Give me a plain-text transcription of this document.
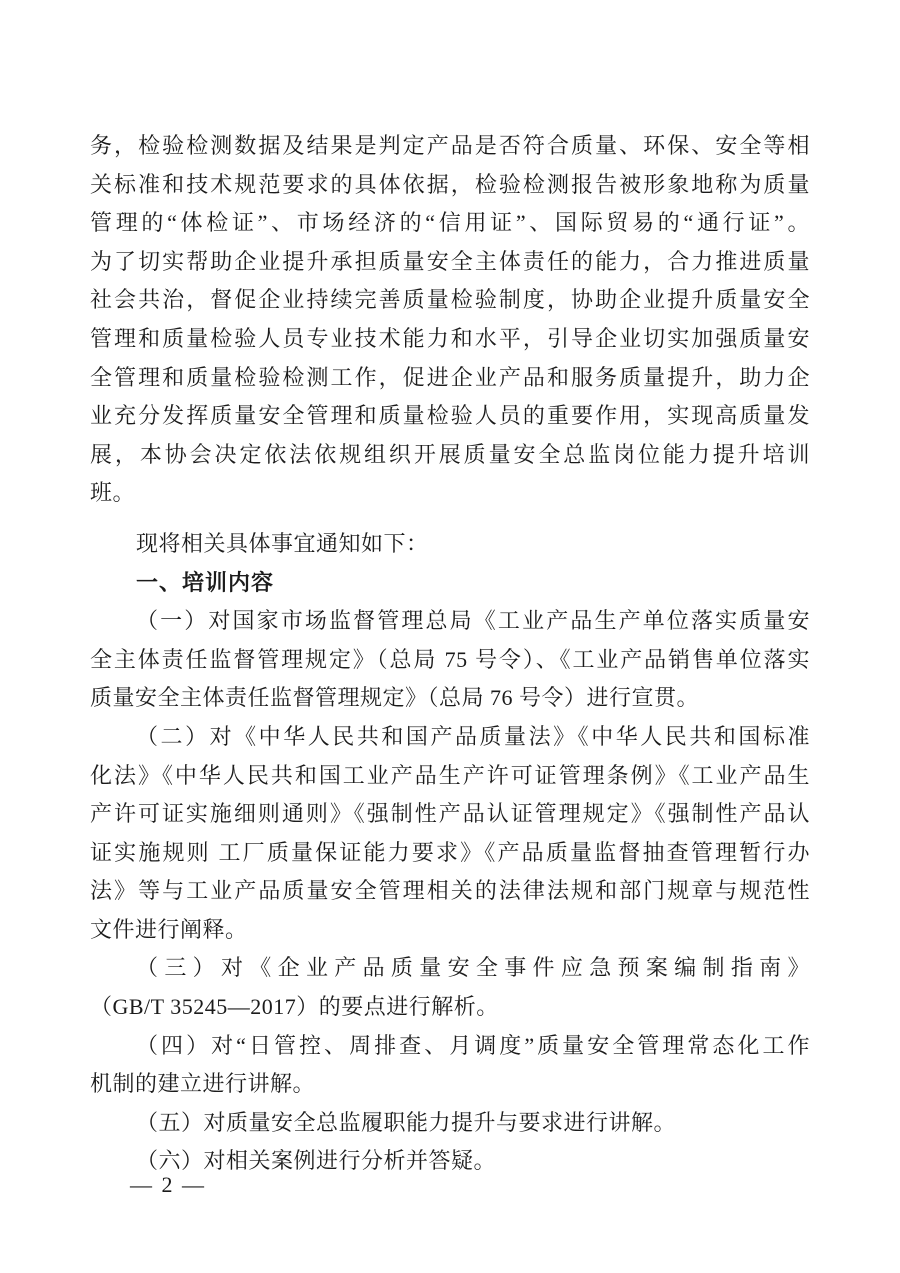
务，检验检测数据及结果是判定产品是否符合质量、环保、安全等相
关标准和技术规范要求的具体依据，检验检测报告被形象地称为质量
管理的“体检证”、市场经济的“信用证”、国际贸易的“通行证”。
为了切实帮助企业提升承担质量安全主体责任的能力，合力推进质量
社会共治，督促企业持续完善质量检验制度，协助企业提升质量安全
管理和质量检验人员专业技术能力和水平，引导企业切实加强质量安
全管理和质量检验检测工作，促进企业产品和服务质量提升，助力企
业充分发挥质量安全管理和质量检验人员的重要作用，实现高质量发
展，本协会决定依法依规组织开展质量安全总监岗位能力提升培训
班。
现将相关具体事宜通知如下：
一、培训内容
（一）对国家市场监督管理总局《工业产品生产单位落实质量安
全主体责任监督管理规定》（总局 75 号令）、《工业产品销售单位落实
质量安全主体责任监督管理规定》（总局 76 号令）进行宣贯。
（二）对《中华人民共和国产品质量法》《中华人民共和国标准
化法》《中华人民共和国工业产品生产许可证管理条例》《工业产品生
产许可证实施细则通则》《强制性产品认证管理规定》《强制性产品认
证实施规则 工厂质量保证能力要求》《产品质量监督抽查管理暂行办
法》等与工业产品质量安全管理相关的法律法规和部门规章与规范性
文件进行阐释。
（三）对《企业产品质量安全事件应急预案编制指南》
（GB/T 35245—2017）的要点进行解析。
（四）对“日管控、周排查、月调度”质量安全管理常态化工作
机制的建立进行讲解。
（五）对质量安全总监履职能力提升与要求进行讲解。
（六）对相关案例进行分析并答疑。
— 2 —
